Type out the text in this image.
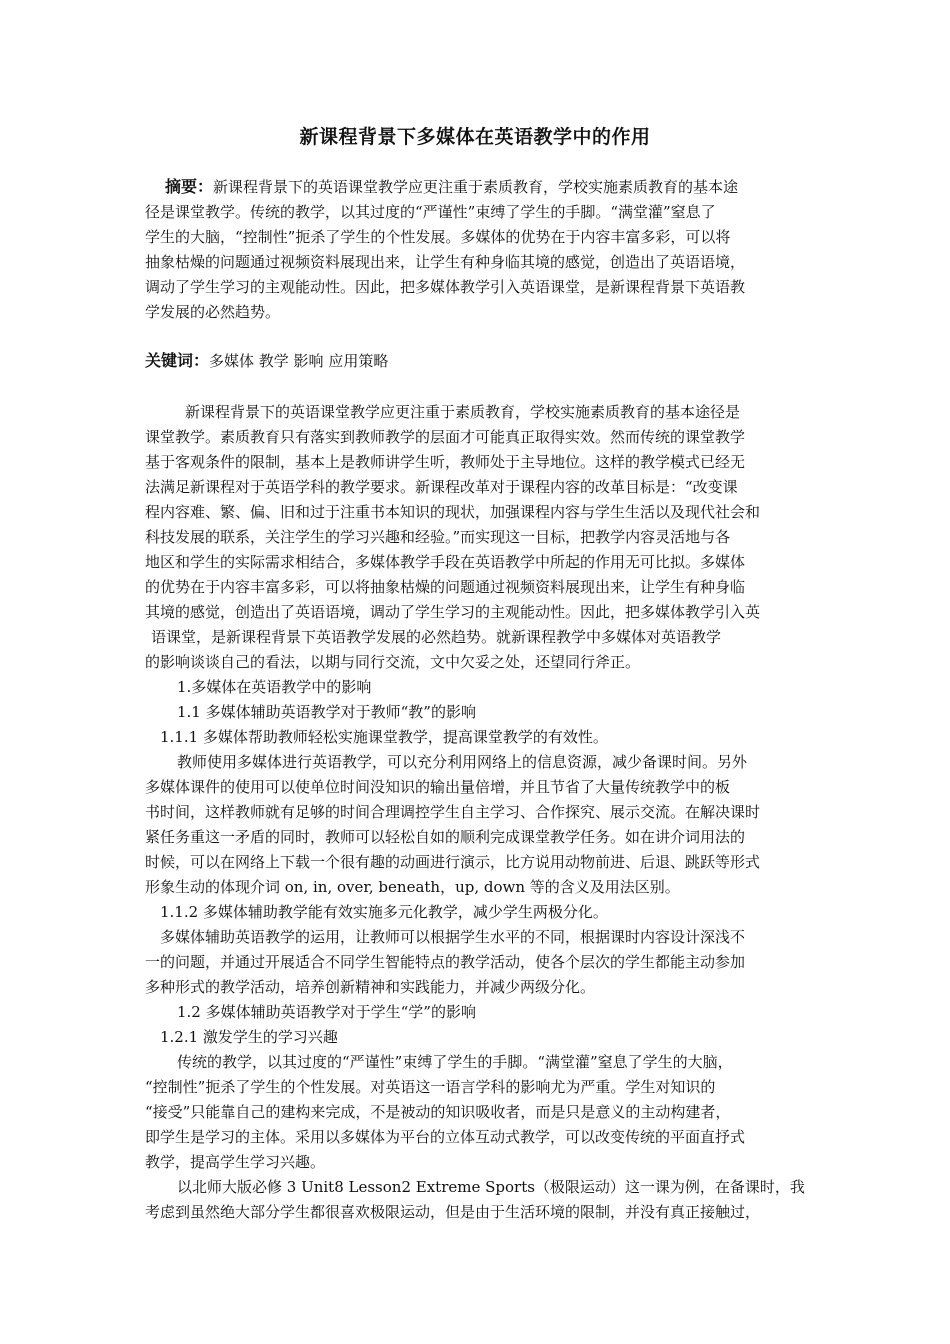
新课程背景下多媒体在英语教学中的作用
摘要：新课程背景下的英语课堂教学应更注重于素质教育，学校实施素质教育的基本途
径是课堂教学。传统的教学，以其过度的“严谨性”束缚了学生的手脚。“满堂灌”窒息了
学生的大脑，“控制性”扼杀了学生的个性发展。多媒体的优势在于内容丰富多彩，可以将
抽象枯燥的问题通过视频资料展现出来，让学生有种身临其境的感觉，创造出了英语语境，
调动了学生学习的主观能动性。因此，把多媒体教学引入英语课堂，是新课程背景下英语教
学发展的必然趋势。
关键词：多媒体 教学 影响 应用策略
新课程背景下的英语课堂教学应更注重于素质教育，学校实施素质教育的基本途径是
课堂教学。素质教育只有落实到教师教学的层面才可能真正取得实效。然而传统的课堂教学
基于客观条件的限制，基本上是教师讲学生听，教师处于主导地位。这样的教学模式已经无
法满足新课程对于英语学科的教学要求。新课程改革对于课程内容的改革目标是：“改变课
程内容难、繁、偏、旧和过于注重书本知识的现状，加强课程内容与学生生活以及现代社会和
科技发展的联系，关注学生的学习兴趣和经验。”而实现这一目标，把教学内容灵活地与各
地区和学生的实际需求相结合，多媒体教学手段在英语教学中所起的作用无可比拟。多媒体
的优势在于内容丰富多彩，可以将抽象枯燥的问题通过视频资料展现出来，让学生有种身临
其境的感觉，创造出了英语语境，调动了学生学习的主观能动性。因此，把多媒体教学引入英
语课堂，是新课程背景下英语教学发展的必然趋势。就新课程教学中多媒体对英语教学
的影响谈谈自己的看法，以期与同行交流，文中欠妥之处，还望同行斧正。
1.多媒体在英语教学中的影响
1.1 多媒体辅助英语教学对于教师“教”的影响
1.1.1 多媒体帮助教师轻松实施课堂教学，提高课堂教学的有效性。
教师使用多媒体进行英语教学，可以充分利用网络上的信息资源，减少备课时间。另外
多媒体课件的使用可以使单位时间没知识的输出量倍增，并且节省了大量传统教学中的板
书时间，这样教师就有足够的时间合理调控学生自主学习、合作探究、展示交流。在解决课时
紧任务重这一矛盾的同时，教师可以轻松自如的顺利完成课堂教学任务。如在讲介词用法的
时候，可以在网络上下载一个很有趣的动画进行演示，比方说用动物前进、后退、跳跃等形式
形象生动的体现介词 on, in, over, beneath，up, down 等的含义及用法区别。
1.1.2 多媒体辅助教学能有效实施多元化教学，减少学生两极分化。
多媒体辅助英语教学的运用，让教师可以根据学生水平的不同，根据课时内容设计深浅不
一的问题，并通过开展适合不同学生智能特点的教学活动，使各个层次的学生都能主动参加
多种形式的教学活动，培养创新精神和实践能力，并减少两级分化。
1.2 多媒体辅助英语教学对于学生“学”的影响
1.2.1 激发学生的学习兴趣
传统的教学，以其过度的“严谨性”束缚了学生的手脚。“满堂灌”窒息了学生的大脑，
“控制性”扼杀了学生的个性发展。对英语这一语言学科的影响尤为严重。学生对知识的
“接受”只能靠自己的建构来完成，不是被动的知识吸收者，而是只是意义的主动构建者，
即学生是学习的主体。采用以多媒体为平台的立体互动式教学，可以改变传统的平面直抒式
教学，提高学生学习兴趣。
以北师大版必修 3 Unit8 Lesson2 Extreme Sports（极限运动）这一课为例，在备课时，我
考虑到虽然绝大部分学生都很喜欢极限运动，但是由于生活环境的限制，并没有真正接触过，
